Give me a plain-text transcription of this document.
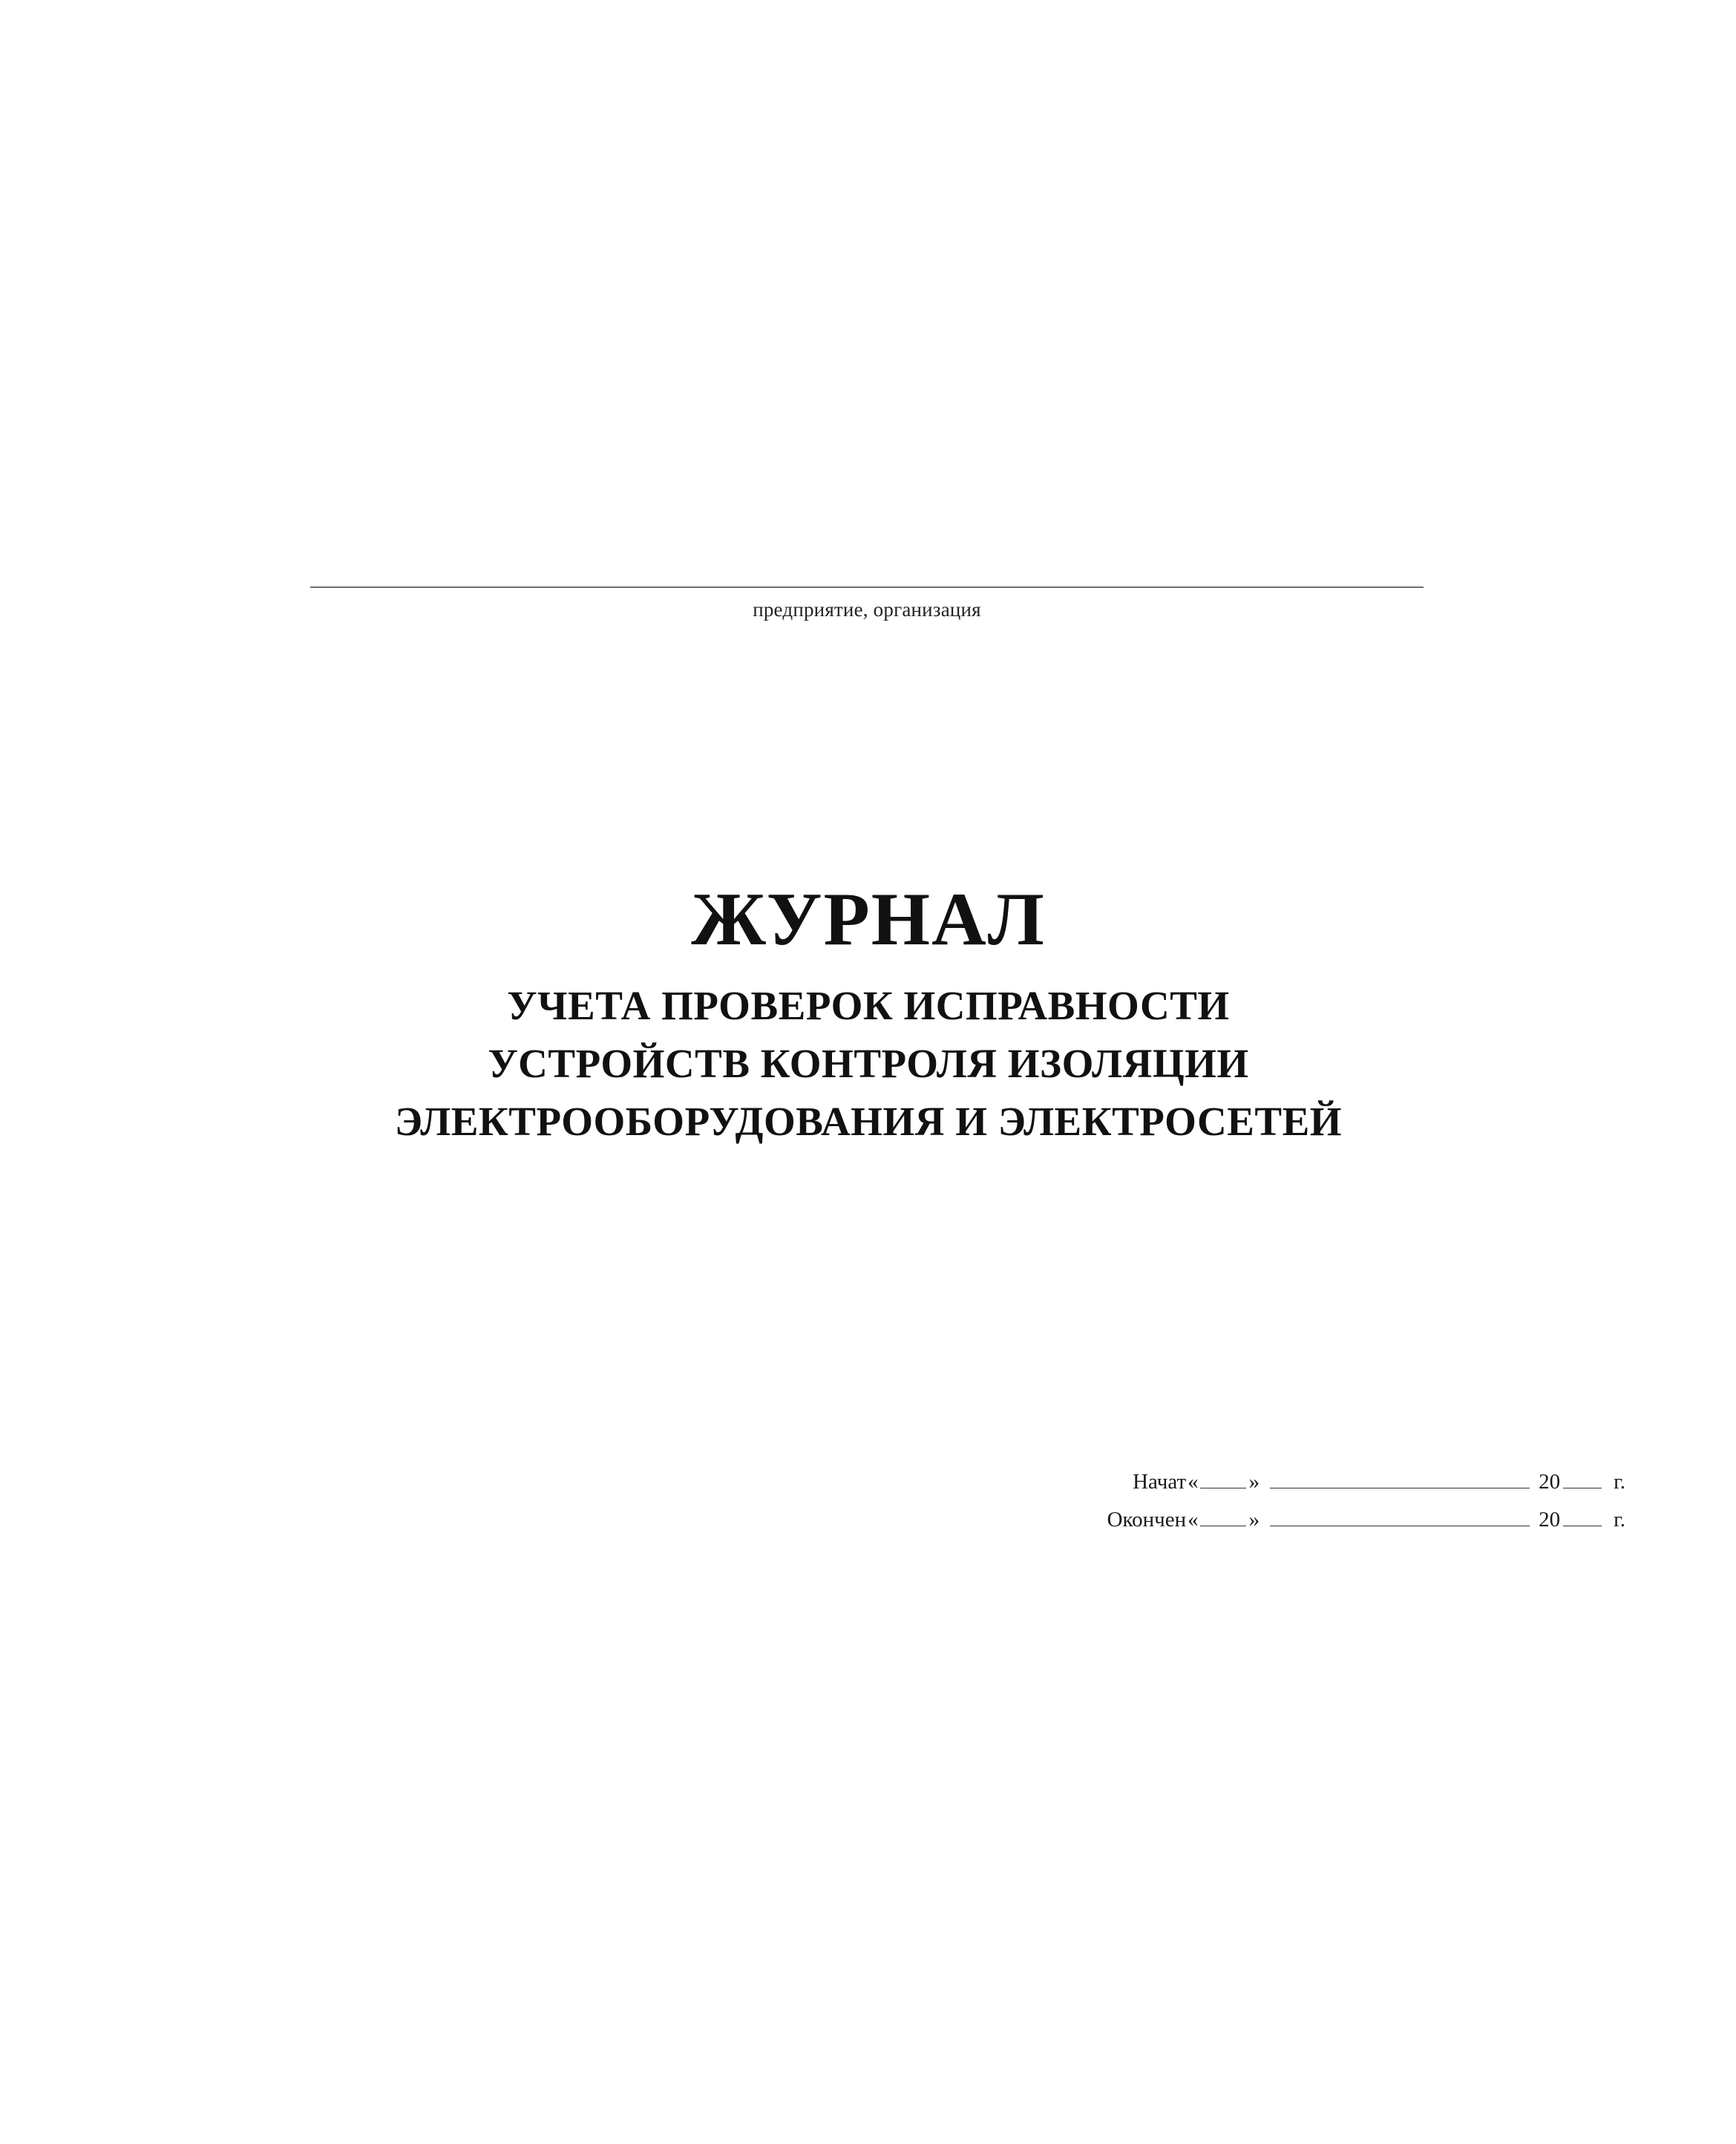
предприятие, организация
ЖУРНАЛ
УЧЕТА ПРОВЕРОК ИСПРАВНОСТИ
УСТРОЙСТВ КОНТРОЛЯ ИЗОЛЯЦИИ
ЭЛЕКТРООБОРУДОВАНИЯ И ЭЛЕКТРОСЕТЕЙ
Начат « »	20	г.
Окончен « »	20	г.
